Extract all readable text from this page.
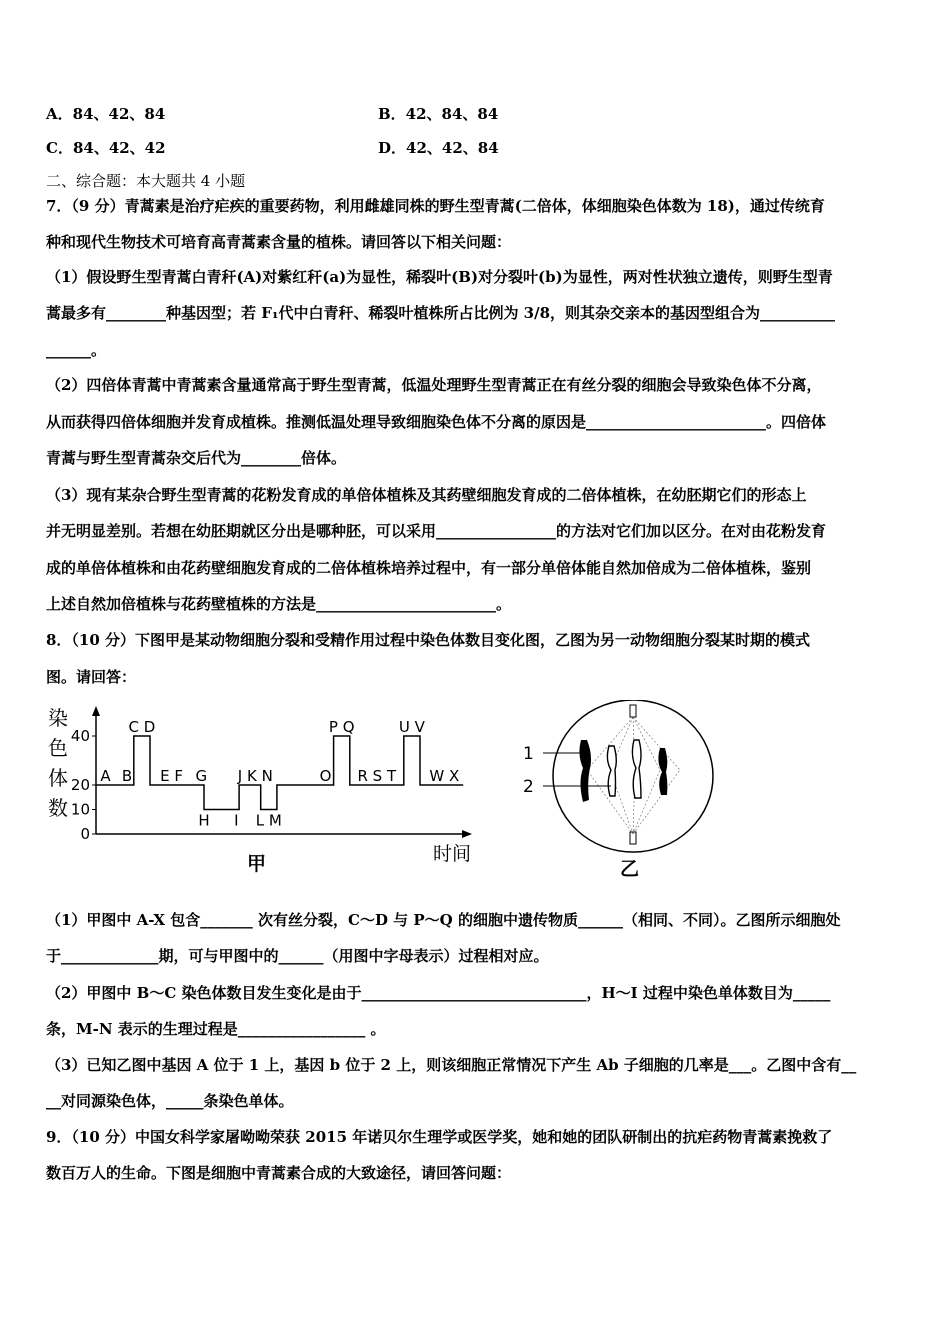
A．84、42、84	B．42、84、84
C．84、42、42	D．42、42、84
二、综合题：本大题共 4 小题
7．（9 分）青蒿素是治疗疟疾的重要药物，利用雌雄同株的野生型青蒿(二倍体，体细胞染色体数为 18)，通过传统育
种和现代生物技术可培育高青蒿素含量的植株。请回答以下相关问题：
（1）假设野生型青蒿白青秆(A)对紫红秆(a)为显性，稀裂叶(B)对分裂叶(b)为显性，两对性状独立遗传，则野生型青
蒿最多有________种基因型；若 F₁代中白青秆、稀裂叶植株所占比例为 3/8，则其杂交亲本的基因型组合为__________
______。
（2）四倍体青蒿中青蒿素含量通常高于野生型青蒿，低温处理野生型青蒿正在有丝分裂的细胞会导致染色体不分离，
从而获得四倍体细胞并发育成植株。推测低温处理导致细胞染色体不分离的原因是________________________。四倍体
青蒿与野生型青蒿杂交后代为________倍体。
（3）现有某杂合野生型青蒿的花粉发育成的单倍体植株及其药壁细胞发育成的二倍体植株，在幼胚期它们的形态上
并无明显差别。若想在幼胚期就区分出是哪种胚，可以采用________________的方法对它们加以区分。在对由花粉发育
成的单倍体植株和由花药壁细胞发育成的二倍体植株培养过程中，有一部分单倍体能自然加倍成为二倍体植株，鉴别
上述自然加倍植株与花药壁植株的方法是________________________。
8．（10 分）下图甲是某动物细胞分裂和受精作用过程中染色体数目变化图，乙图为另一动物细胞分裂某时期的模式
图。请回答：
染
色
体
数
0
10
20
40
A B
C D
E F G
H I
J K N
L M
O
P Q
R S T
U V
W X
时间
甲
1
2
乙
（1）甲图中 A-X 包含_______ 次有丝分裂，C～D 与 P～Q 的细胞中遗传物质______（相同、不同）。乙图所示细胞处
于_____________期，可与甲图中的______（用图中字母表示）过程相对应。
（2）甲图中 B～C 染色体数目发生变化是由于______________________________，H～I 过程中染色单体数目为_____
条，M-N 表示的生理过程是_________________ 。
（3）已知乙图中基因 A 位于 1 上，基因 b 位于 2 上，则该细胞正常情况下产生 Ab 子细胞的几率是___。乙图中含有__
__对同源染色体，_____条染色单体。
9．（10 分）中国女科学家屠呦呦荣获 2015 年诺贝尔生理学或医学奖，她和她的团队研制出的抗疟药物青蒿素挽救了
数百万人的生命。下图是细胞中青蒿素合成的大致途径，请回答问题：
